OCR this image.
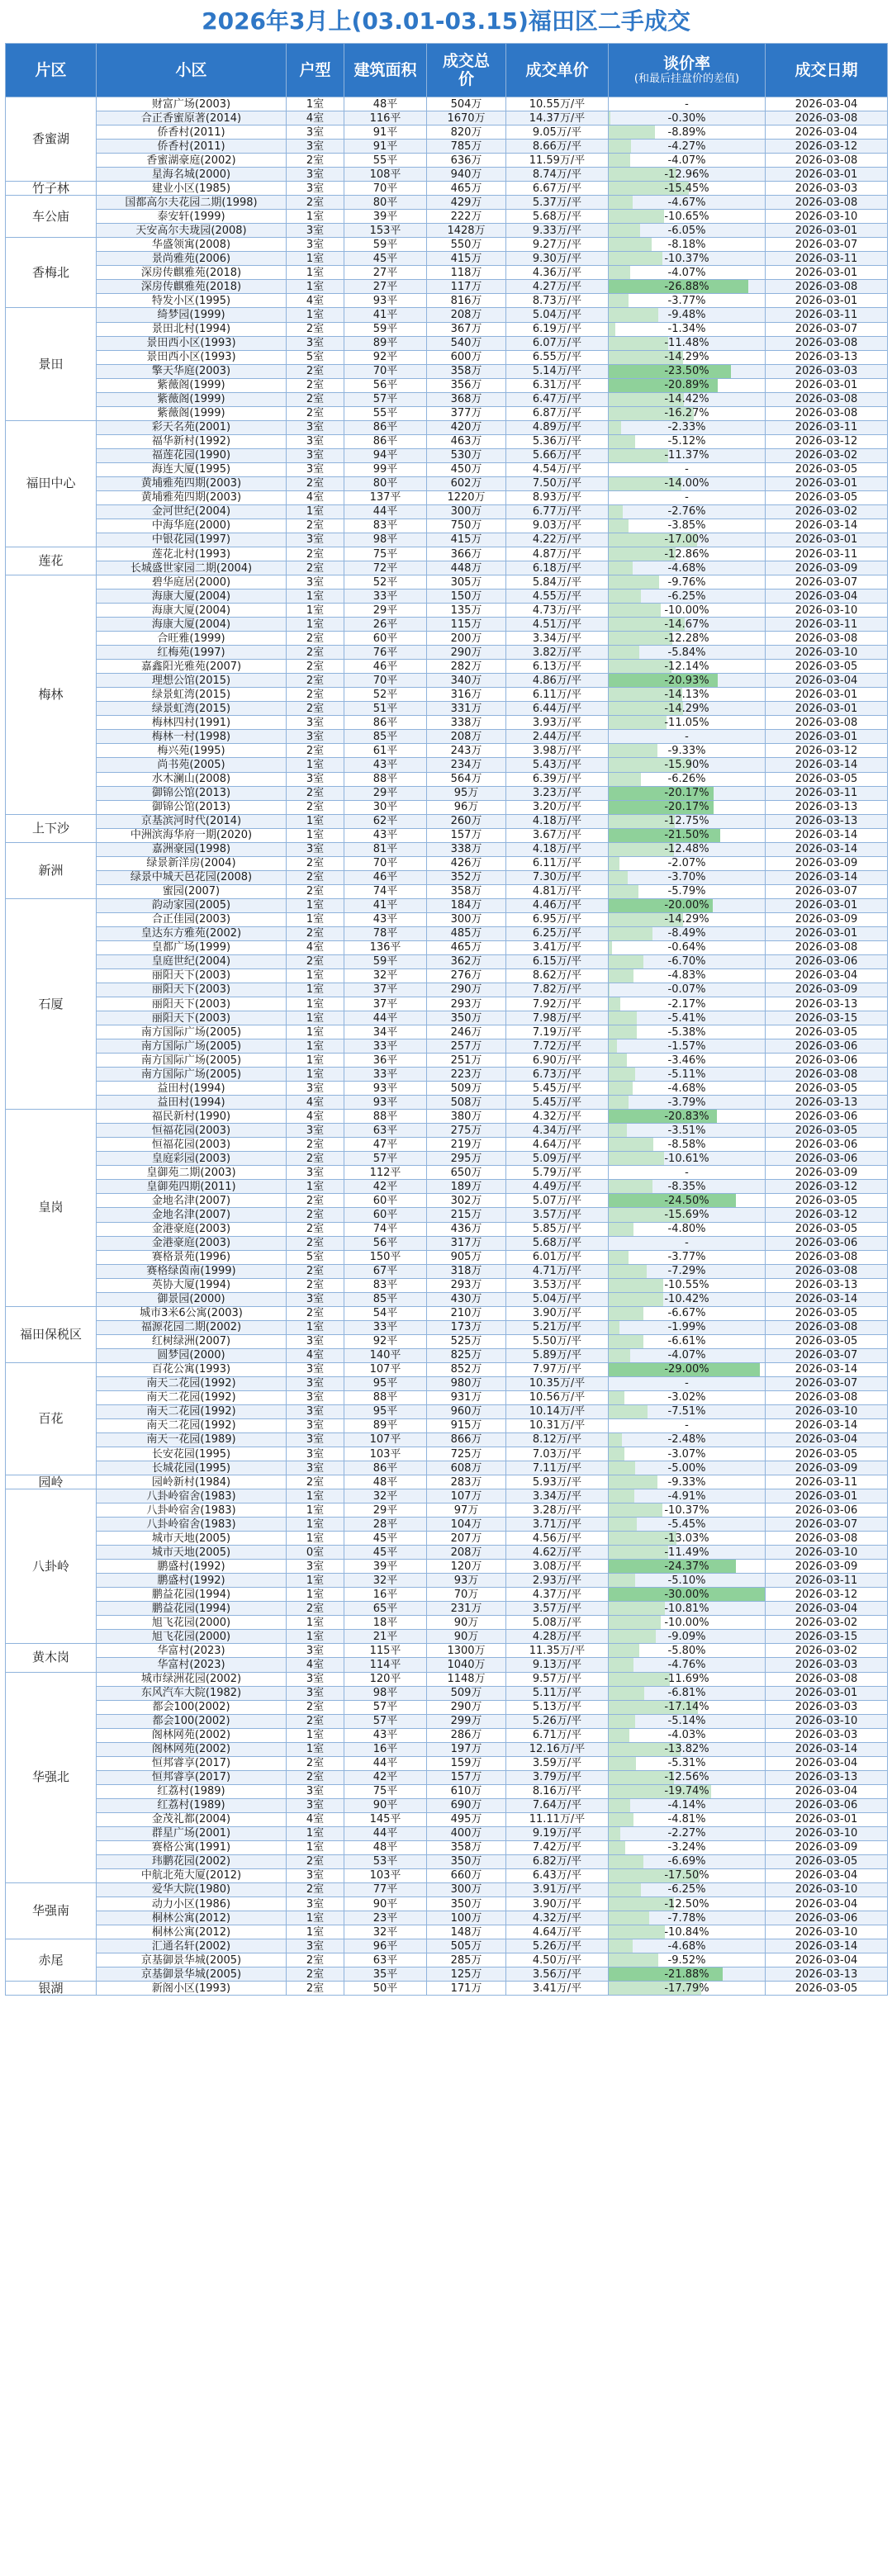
2026年3月上(03.01-03.15)福田区二手成交
片区	小区	户型	建筑面积	成交总
价	成交单价	谈价率
(和最后挂盘价的差值)	成交日期
香蜜湖	财富广场(2003)	1室	48平	504万	10.55万/平	-	2026-03-04
	合正香蜜原著(2014)	4室	116平	1670万	14.37万/平	-0.30%	2026-03-08
	侨香村(2011)	3室	91平	820万	9.05万/平	-8.89%	2026-03-04
	侨香村(2011)	3室	91平	785万	8.66万/平	-4.27%	2026-03-12
	香蜜湖豪庭(2002)	2室	55平	636万	11.59万/平	-4.07%	2026-03-08
	星海名城(2000)	3室	108平	940万	8.74万/平	-12.96%	2026-03-01
竹子林	建业小区(1985)	3室	70平	465万	6.67万/平	-15.45%	2026-03-03
车公庙	国都高尔夫花园二期(1998)	2室	80平	429万	5.37万/平	-4.67%	2026-03-08
	泰安轩(1999)	1室	39平	222万	5.68万/平	-10.65%	2026-03-10
	天安高尔夫珑园(2008)	3室	153平	1428万	9.33万/平	-6.05%	2026-03-01
香梅北	华盛领寓(2008)	3室	59平	550万	9.27万/平	-8.18%	2026-03-07
	景尚雅苑(2006)	1室	45平	415万	9.30万/平	-10.37%	2026-03-11
	深房传麒雅苑(2018)	1室	27平	118万	4.36万/平	-4.07%	2026-03-01
	深房传麒雅苑(2018)	1室	27平	117万	4.27万/平	-26.88%	2026-03-08
	特发小区(1995)	4室	93平	816万	8.73万/平	-3.77%	2026-03-01
景田	绮梦园(1999)	1室	41平	208万	5.04万/平	-9.48%	2026-03-11
	景田北村(1994)	2室	59平	367万	6.19万/平	-1.34%	2026-03-07
	景田西小区(1993)	3室	89平	540万	6.07万/平	-11.48%	2026-03-08
	景田西小区(1993)	5室	92平	600万	6.55万/平	-14.29%	2026-03-13
	擎天华庭(2003)	2室	70平	358万	5.14万/平	-23.50%	2026-03-03
	紫薇阁(1999)	2室	56平	356万	6.31万/平	-20.89%	2026-03-01
	紫薇阁(1999)	2室	57平	368万	6.47万/平	-14.42%	2026-03-08
	紫薇阁(1999)	2室	55平	377万	6.87万/平	-16.27%	2026-03-08
福田中心	彩天名苑(2001)	3室	86平	420万	4.89万/平	-2.33%	2026-03-11
	福华新村(1992)	3室	86平	463万	5.36万/平	-5.12%	2026-03-12
	福莲花园(1990)	3室	94平	530万	5.66万/平	-11.37%	2026-03-02
	海连大厦(1995)	3室	99平	450万	4.54万/平	-	2026-03-05
	黄埔雅苑四期(2003)	2室	80平	602万	7.50万/平	-14.00%	2026-03-01
	黄埔雅苑四期(2003)	4室	137平	1220万	8.93万/平	-	2026-03-05
	金河世纪(2004)	1室	44平	300万	6.77万/平	-2.76%	2026-03-02
	中海华庭(2000)	2室	83平	750万	9.03万/平	-3.85%	2026-03-14
	中银花园(1997)	3室	98平	415万	4.22万/平	-17.00%	2026-03-01
莲花	莲花北村(1993)	2室	75平	366万	4.87万/平	-12.86%	2026-03-11
	长城盛世家园二期(2004)	2室	72平	448万	6.18万/平	-4.68%	2026-03-09
梅林	碧华庭居(2000)	3室	52平	305万	5.84万/平	-9.76%	2026-03-07
	海康大厦(2004)	1室	33平	150万	4.55万/平	-6.25%	2026-03-04
	海康大厦(2004)	1室	29平	135万	4.73万/平	-10.00%	2026-03-10
	海康大厦(2004)	1室	26平	115万	4.51万/平	-14.67%	2026-03-11
	合旺雅(1999)	2室	60平	200万	3.34万/平	-12.28%	2026-03-08
	红梅苑(1997)	2室	76平	290万	3.82万/平	-5.84%	2026-03-10
	嘉鑫阳光雅苑(2007)	2室	46平	282万	6.13万/平	-12.14%	2026-03-05
	理想公馆(2015)	2室	70平	340万	4.86万/平	-20.93%	2026-03-04
	绿景虹湾(2015)	2室	52平	316万	6.11万/平	-14.13%	2026-03-01
	绿景虹湾(2015)	2室	51平	331万	6.44万/平	-14.29%	2026-03-01
	梅林四村(1991)	3室	86平	338万	3.93万/平	-11.05%	2026-03-08
	梅林一村(1998)	3室	85平	208万	2.44万/平	-	2026-03-01
	梅兴苑(1995)	2室	61平	243万	3.98万/平	-9.33%	2026-03-12
	尚书苑(2005)	1室	43平	234万	5.43万/平	-15.90%	2026-03-14
	水木澜山(2008)	3室	88平	564万	6.39万/平	-6.26%	2026-03-05
	御锦公馆(2013)	2室	29平	95万	3.23万/平	-20.17%	2026-03-11
	御锦公馆(2013)	2室	30平	96万	3.20万/平	-20.17%	2026-03-13
上下沙	京基滨河时代(2014)	1室	62平	260万	4.18万/平	-12.75%	2026-03-13
	中洲滨海华府一期(2020)	1室	43平	157万	3.67万/平	-21.50%	2026-03-14
新洲	嘉洲豪园(1998)	3室	81平	338万	4.18万/平	-12.48%	2026-03-14
	绿景新洋房(2004)	2室	70平	426万	6.11万/平	-2.07%	2026-03-09
	绿景中城天邑花园(2008)	2室	46平	352万	7.30万/平	-3.70%	2026-03-14
	蜜园(2007)	2室	74平	358万	4.81万/平	-5.79%	2026-03-07
石厦	韵动家园(2005)	1室	41平	184万	4.46万/平	-20.00%	2026-03-01
	合正佳园(2003)	1室	43平	300万	6.95万/平	-14.29%	2026-03-09
	皇达东方雅苑(2002)	2室	78平	485万	6.25万/平	-8.49%	2026-03-01
	皇都广场(1999)	4室	136平	465万	3.41万/平	-0.64%	2026-03-08
	皇庭世纪(2004)	2室	59平	362万	6.15万/平	-6.70%	2026-03-06
	丽阳天下(2003)	1室	32平	276万	8.62万/平	-4.83%	2026-03-04
	丽阳天下(2003)	1室	37平	290万	7.82万/平	-0.07%	2026-03-09
	丽阳天下(2003)	1室	37平	293万	7.92万/平	-2.17%	2026-03-13
	丽阳天下(2003)	1室	44平	350万	7.98万/平	-5.41%	2026-03-15
	南方国际广场(2005)	1室	34平	246万	7.19万/平	-5.38%	2026-03-05
	南方国际广场(2005)	1室	33平	257万	7.72万/平	-1.57%	2026-03-06
	南方国际广场(2005)	1室	36平	251万	6.90万/平	-3.46%	2026-03-06
	南方国际广场(2005)	1室	33平	223万	6.73万/平	-5.11%	2026-03-08
	益田村(1994)	3室	93平	509万	5.45万/平	-4.68%	2026-03-05
	益田村(1994)	4室	93平	508万	5.45万/平	-3.79%	2026-03-13
皇岗	福民新村(1990)	4室	88平	380万	4.32万/平	-20.83%	2026-03-06
	恒福花园(2003)	3室	63平	275万	4.34万/平	-3.51%	2026-03-05
	恒福花园(2003)	2室	47平	219万	4.64万/平	-8.58%	2026-03-06
	皇庭彩园(2003)	2室	57平	295万	5.09万/平	-10.61%	2026-03-06
	皇御苑二期(2003)	3室	112平	650万	5.79万/平	-	2026-03-09
	皇御苑四期(2011)	1室	42平	189万	4.49万/平	-8.35%	2026-03-12
	金地名津(2007)	2室	60平	302万	5.07万/平	-24.50%	2026-03-05
	金地名津(2007)	2室	60平	215万	3.57万/平	-15.69%	2026-03-12
	金港豪庭(2003)	2室	74平	436万	5.85万/平	-4.80%	2026-03-05
	金港豪庭(2003)	2室	56平	317万	5.68万/平	-	2026-03-06
	赛格景苑(1996)	5室	150平	905万	6.01万/平	-3.77%	2026-03-08
	赛格绿茵南(1999)	2室	67平	318万	4.71万/平	-7.29%	2026-03-08
	英协大厦(1994)	2室	83平	293万	3.53万/平	-10.55%	2026-03-13
	御景园(2000)	3室	85平	430万	5.04万/平	-10.42%	2026-03-14
福田保税区	城市3米6公寓(2003)	2室	54平	210万	3.90万/平	-6.67%	2026-03-05
	福源花园二期(2002)	1室	33平	173万	5.21万/平	-1.99%	2026-03-08
	红树绿洲(2007)	3室	92平	525万	5.50万/平	-6.61%	2026-03-05
	圆梦园(2000)	4室	140平	825万	5.89万/平	-4.07%	2026-03-07
百花	百花公寓(1993)	3室	107平	852万	7.97万/平	-29.00%	2026-03-14
	南天二花园(1992)	3室	95平	980万	10.35万/平	-	2026-03-07
	南天二花园(1992)	3室	88平	931万	10.56万/平	-3.02%	2026-03-08
	南天二花园(1992)	3室	95平	960万	10.14万/平	-7.51%	2026-03-10
	南天二花园(1992)	3室	89平	915万	10.31万/平	-	2026-03-14
	南天一花园(1989)	3室	107平	866万	8.12万/平	-2.48%	2026-03-04
	长安花园(1995)	3室	103平	725万	7.03万/平	-3.07%	2026-03-05
	长城花园(1995)	3室	86平	608万	7.11万/平	-5.00%	2026-03-09
园岭	园岭新村(1984)	2室	48平	283万	5.93万/平	-9.33%	2026-03-11
八卦岭	八卦岭宿舍(1983)	1室	32平	107万	3.34万/平	-4.91%	2026-03-01
	八卦岭宿舍(1983)	1室	29平	97万	3.28万/平	-10.37%	2026-03-06
	八卦岭宿舍(1983)	1室	28平	104万	3.71万/平	-5.45%	2026-03-07
	城市天地(2005)	1室	45平	207万	4.56万/平	-13.03%	2026-03-08
	城市天地(2005)	0室	45平	208万	4.62万/平	-11.49%	2026-03-10
	鹏盛村(1992)	3室	39平	120万	3.08万/平	-24.37%	2026-03-09
	鹏盛村(1992)	1室	32平	93万	2.93万/平	-5.10%	2026-03-11
	鹏益花园(1994)	1室	16平	70万	4.37万/平	-30.00%	2026-03-12
	鹏益花园(1994)	2室	65平	231万	3.57万/平	-10.81%	2026-03-04
	旭飞花园(2000)	1室	18平	90万	5.08万/平	-10.00%	2026-03-02
	旭飞花园(2000)	1室	21平	90万	4.28万/平	-9.09%	2026-03-15
黄木岗	华富村(2023)	3室	115平	1300万	11.35万/平	-5.80%	2026-03-02
	华富村(2023)	4室	114平	1040万	9.13万/平	-4.76%	2026-03-03
华强北	城市绿洲花园(2002)	3室	120平	1148万	9.57万/平	-11.69%	2026-03-08
	东风汽车大院(1982)	3室	98平	509万	5.11万/平	-6.81%	2026-03-01
	都会100(2002)	2室	57平	290万	5.13万/平	-17.14%	2026-03-03
	都会100(2002)	2室	57平	299万	5.26万/平	-5.14%	2026-03-10
	阁林网苑(2002)	1室	43平	286万	6.71万/平	-4.03%	2026-03-03
	阁林网苑(2002)	1室	16平	197万	12.16万/平	-13.82%	2026-03-14
	恒邦睿享(2017)	2室	44平	159万	3.59万/平	-5.31%	2026-03-04
	恒邦睿享(2017)	2室	42平	157万	3.79万/平	-12.56%	2026-03-13
	红荔村(1989)	3室	75平	610万	8.16万/平	-19.74%	2026-03-04
	红荔村(1989)	3室	90平	690万	7.64万/平	-4.14%	2026-03-06
	金茂礼都(2004)	4室	145平	495万	11.11万/平	-4.81%	2026-03-01
	群星广场(2001)	1室	44平	400万	9.19万/平	-2.27%	2026-03-10
	赛格公寓(1991)	1室	48平	358万	7.42万/平	-3.24%	2026-03-09
	玮鹏花园(2002)	2室	53平	350万	6.82万/平	-6.69%	2026-03-05
	中航北苑大厦(2012)	3室	103平	660万	6.43万/平	-17.50%	2026-03-04
华强南	爱华大院(1980)	2室	77平	300万	3.91万/平	-6.25%	2026-03-10
	动力小区(1986)	3室	90平	350万	3.90万/平	-12.50%	2026-03-04
	桐林公寓(2012)	1室	23平	100万	4.32万/平	-7.78%	2026-03-06
	桐林公寓(2012)	1室	32平	148万	4.64万/平	-10.84%	2026-03-10
赤尾	汇通名轩(2002)	3室	96平	505万	5.26万/平	-4.68%	2026-03-14
	京基御景华城(2005)	2室	63平	285万	4.50万/平	-9.52%	2026-03-04
	京基御景华城(2005)	2室	35平	125万	3.56万/平	-21.88%	2026-03-13
银湖	新阁小区(1993)	2室	50平	171万	3.41万/平	-17.79%	2026-03-05
